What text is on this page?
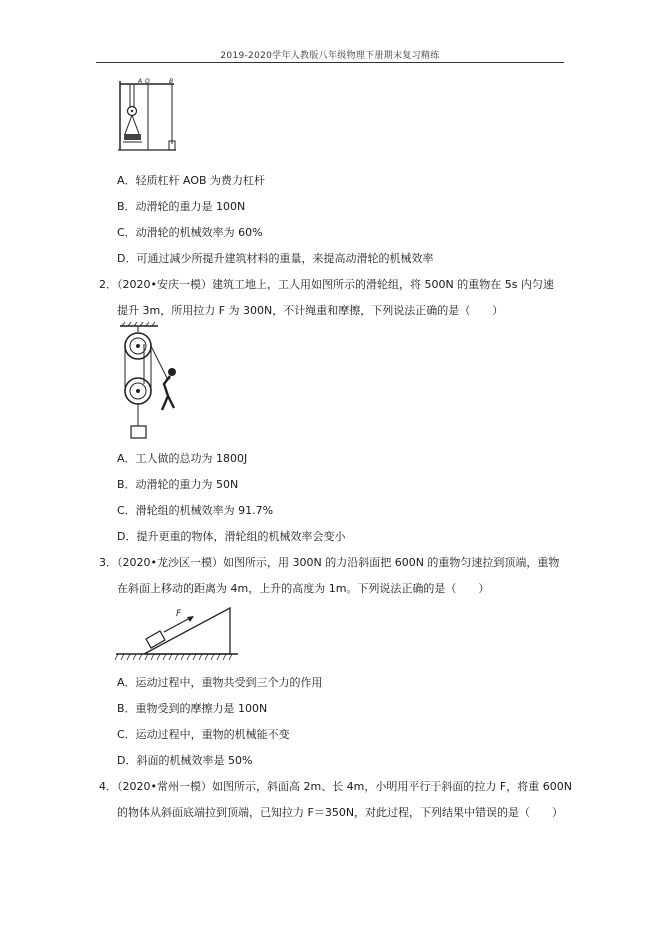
2019-2020学年人教版八年级物理下册期末复习精练
A O	B
A．轻质杠杆 AOB 为费力杠杆
B．动滑轮的重力是 100N
C．动滑轮的机械效率为 60%
D．可通过减少所提升建筑材料的重量，来提高动滑轮的机械效率
2．（2020•安庆一模）建筑工地上，工人用如图所示的滑轮组，将 500N 的重物在 5s 内匀速
提升 3m，所用拉力 F 为 300N，不计绳重和摩擦，下列说法正确的是（　　）
A．工人做的总功为 1800J
B．动滑轮的重力为 50N
C．滑轮组的机械效率为 91.7%
D．提升更重的物体，滑轮组的机械效率会变小
3．（2020•龙沙区一模）如图所示，用 300N 的力沿斜面把 600N 的重物匀速拉到顶端，重物
在斜面上移动的距离为 4m，上升的高度为 1m。下列说法正确的是（　　）
F
A．运动过程中，重物共受到三个力的作用
B．重物受到的摩擦力是 100N
C．运动过程中，重物的机械能不变
D．斜面的机械效率是 50%
4．（2020•常州一模）如图所示，斜面高 2m、长 4m，小明用平行于斜面的拉力 F，将重 600N
的物体从斜面底端拉到顶端，已知拉力 F＝350N，对此过程，下列结果中错误的是（　　）
